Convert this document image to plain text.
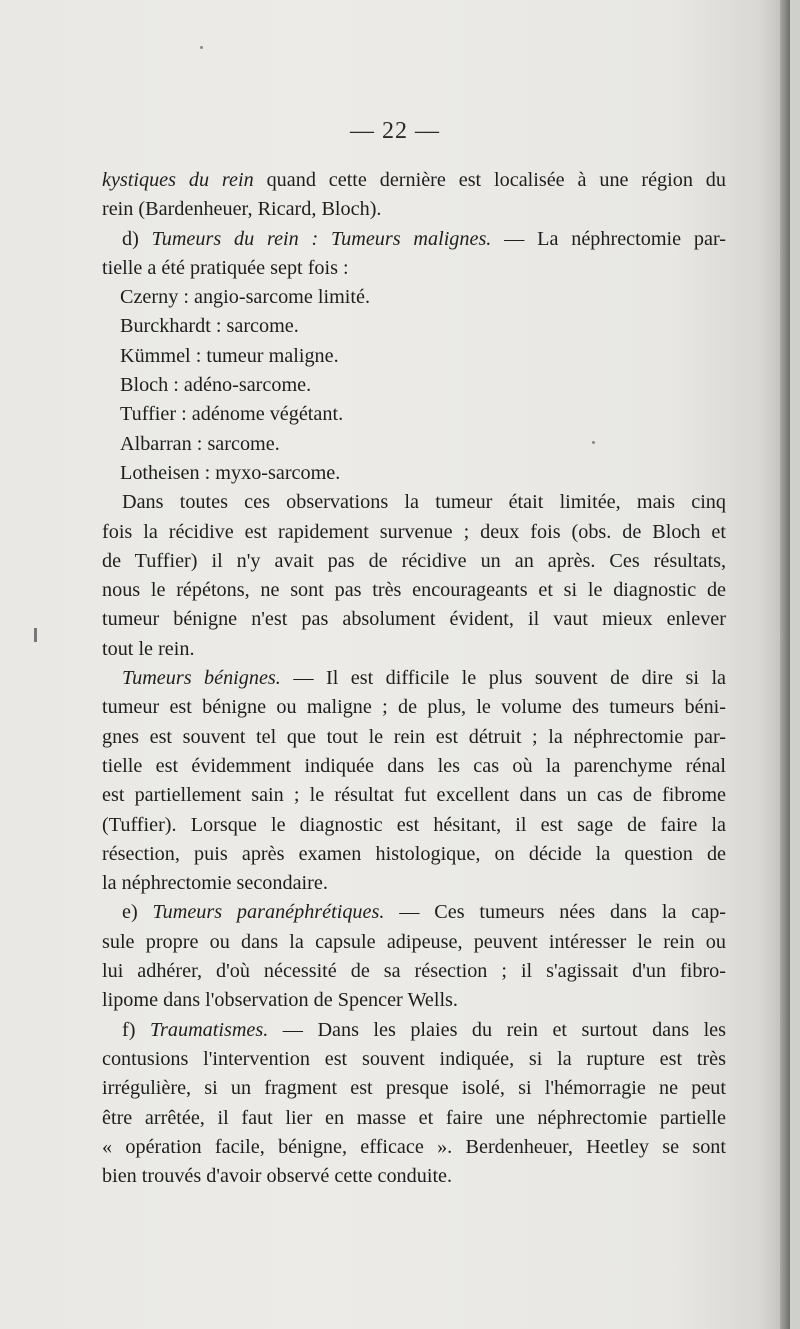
— 22 —
kystiques du rein quand cette dernière est localisée à une région du
rein (Bardenheuer, Ricard, Bloch).
d) Tumeurs du rein : Tumeurs malignes. — La néphrectomie par-
tielle a été pratiquée sept fois :
Czerny : angio-sarcome limité.
Burckhardt : sarcome.
Kümmel : tumeur maligne.
Bloch : adéno-sarcome.
Tuffier : adénome végétant.
Albarran : sarcome.
Lotheisen : myxo-sarcome.
Dans toutes ces observations la tumeur était limitée, mais cinq
fois la récidive est rapidement survenue ; deux fois (obs. de Bloch et
de Tuffier) il n'y avait pas de récidive un an après. Ces résultats,
nous le répétons, ne sont pas très encourageants et si le diagnostic de
tumeur bénigne n'est pas absolument évident, il vaut mieux enlever
tout le rein.
Tumeurs bénignes. — Il est difficile le plus souvent de dire si la
tumeur est bénigne ou maligne ; de plus, le volume des tumeurs béni-
gnes est souvent tel que tout le rein est détruit ; la néphrectomie par-
tielle est évidemment indiquée dans les cas où la parenchyme rénal
est partiellement sain ; le résultat fut excellent dans un cas de fibrome
(Tuffier). Lorsque le diagnostic est hésitant, il est sage de faire la
résection, puis après examen histologique, on décide la question de
la néphrectomie secondaire.
e) Tumeurs paranéphrétiques. — Ces tumeurs nées dans la cap-
sule propre ou dans la capsule adipeuse, peuvent intéresser le rein ou
lui adhérer, d'où nécessité de sa résection ; il s'agissait d'un fibro-
lipome dans l'observation de Spencer Wells.
f) Traumatismes. — Dans les plaies du rein et surtout dans les
contusions l'intervention est souvent indiquée, si la rupture est très
irrégulière, si un fragment est presque isolé, si l'hémorragie ne peut
être arrêtée, il faut lier en masse et faire une néphrectomie partielle
« opération facile, bénigne, efficace ». Berdenheuer, Heetley se sont
bien trouvés d'avoir observé cette conduite.
